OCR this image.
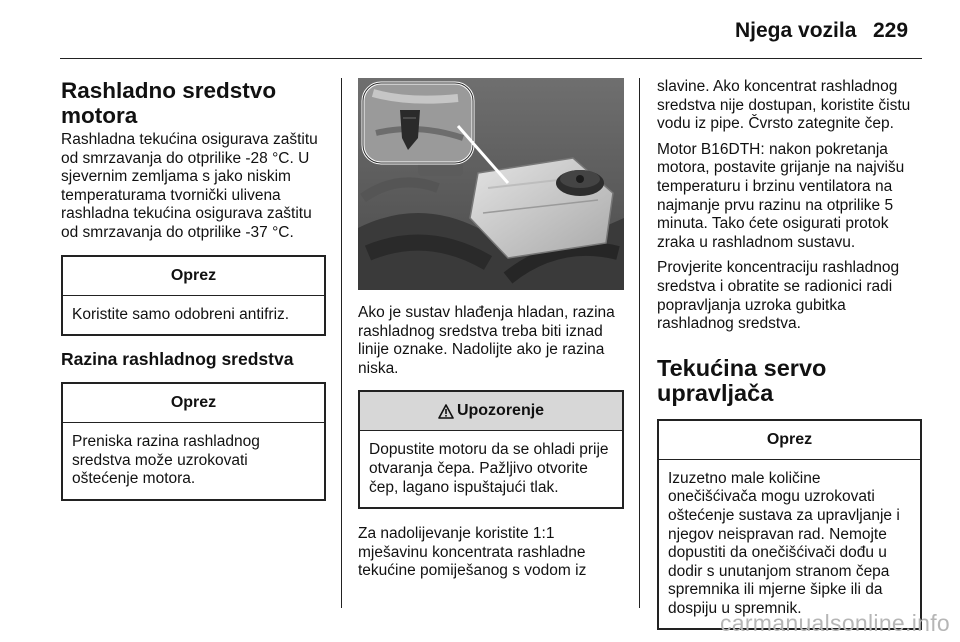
Njega vozila 229
Rashladno sredstvo motora

Rashladna tekućina osigurava zaštitu od smrzavanja do otprilike -28 °C. U sjevernim zemljama s jako niskim temperaturama tvornički ulivena rashladna tekućina osigurava zaštitu od smrzavanja do otprilike -37 °C.

Oprez
Koristite samo odobreni antifriz.
Razina rashladnog sredstva
Oprez
Preniska razina rashladnog sredstva može uzrokovati oštećenje motora.

Ako je sustav hlađenja hladan, razina rashladnog sredstva treba biti iznad linije oznake. Nadolijte ako je razina niska.

Upozorenje
Dopustite motoru da se ohladi prije otvaranja čepa. Pažljivo otvorite čep, lagano ispuštajući tlak.

Za nadolijevanje koristite 1:1 mješavinu koncentrata rashladne tekućine pomiješanog s vodom iz

slavine. Ako koncentrat rashladnog sredstva nije dostupan, koristite čistu vodu iz pipe. Čvrsto zategnite čep.

Motor B16DTH: nakon pokretanja motora, postavite grijanje na najvišu temperaturu i brzinu ventilatora na najmanje prvu razinu na otprilike 5 minuta. Tako ćete osigurati protok zraka u rashladnom sustavu.

Provjerite koncentraciju rashladnog sredstva i obratite se radionici radi popravljanja uzroka gubitka rashladnog sredstva.

Tekućina servo upravljača
Oprez
Izuzetno male količine onečišćivača mogu uzrokovati oštećenje sustava za upravljanje i njegov neispravan rad. Nemojte dopustiti da onečišćivači dođu u dodir s unutanjom stranom čepa spremnika ili mjerne šipke ili da dospiju u spremnik.
carmanualsonline.info
